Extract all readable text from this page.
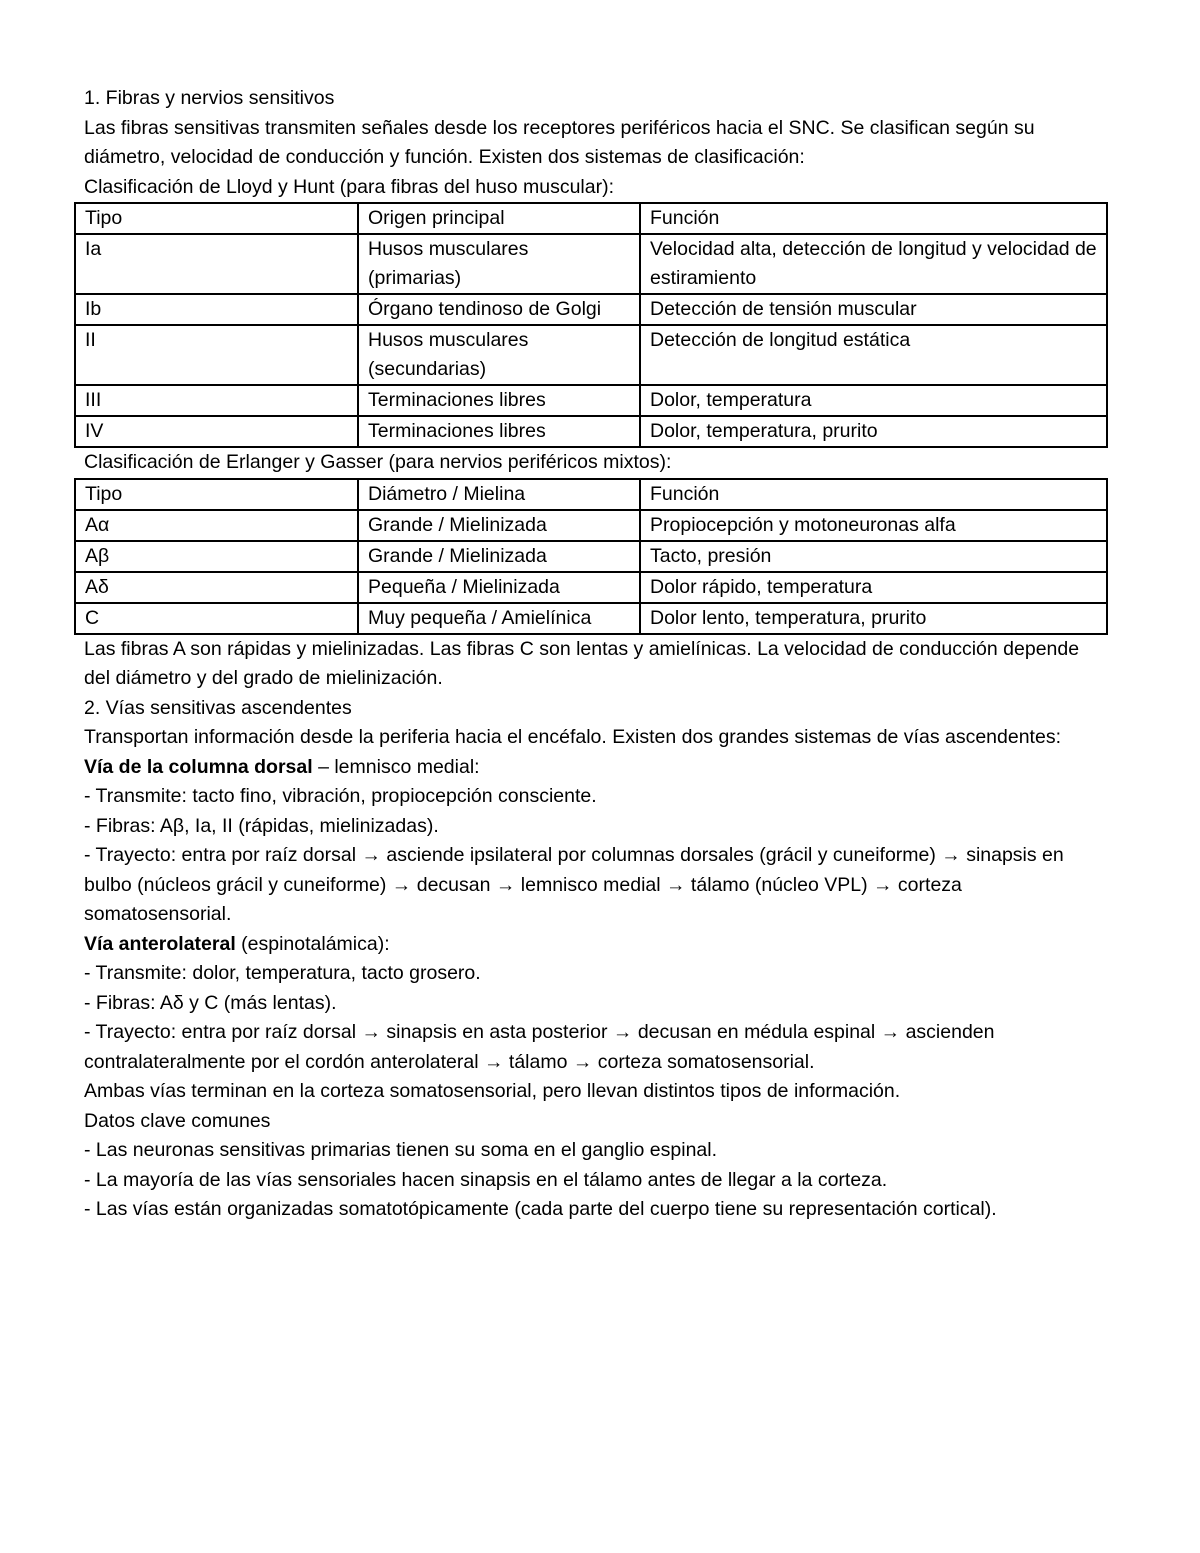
1. Fibras y nervios sensitivos

Las fibras sensitivas transmiten señales desde los receptores periféricos hacia el SNC. Se clasifican según su diámetro, velocidad de conducción y función. Existen dos sistemas de clasificación:

Clasificación de Lloyd y Hunt (para fibras del huso muscular):

Tipo	Origen principal	Función
Ia	Husos musculares (primarias)	Velocidad alta, detección de longitud y velocidad de estiramiento
Ib	Órgano tendinoso de Golgi	Detección de tensión muscular
II	Husos musculares (secundarias)	Detección de longitud estática
III	Terminaciones libres	Dolor, temperatura
IV	Terminaciones libres	Dolor, temperatura, prurito

Clasificación de Erlanger y Gasser (para nervios periféricos mixtos):

Tipo	Diámetro / Mielina	Función
Aα	Grande / Mielinizada	Propiocepción y motoneuronas alfa
Aβ	Grande / Mielinizada	Tacto, presión
Aδ	Pequeña / Mielinizada	Dolor rápido, temperatura
C	Muy pequeña / Amielínica	Dolor lento, temperatura, prurito

Las fibras A son rápidas y mielinizadas. Las fibras C son lentas y amielínicas. La velocidad de conducción depende del diámetro y del grado de mielinización.

2. Vías sensitivas ascendentes

Transportan información desde la periferia hacia el encéfalo. Existen dos grandes sistemas de vías ascendentes:

Vía de la columna dorsal – lemnisco medial:

- Transmite: tacto fino, vibración, propiocepción consciente.

- Fibras: Aβ, Ia, II (rápidas, mielinizadas).

- Trayecto: entra por raíz dorsal → asciende ipsilateral por columnas dorsales (grácil y cuneiforme) → sinapsis en bulbo (núcleos grácil y cuneiforme) → decusan → lemnisco medial → tálamo (núcleo VPL) → corteza somatosensorial.

Vía anterolateral (espinotalámica):

- Transmite: dolor, temperatura, tacto grosero.

- Fibras: Aδ y C (más lentas).

- Trayecto: entra por raíz dorsal → sinapsis en asta posterior → decusan en médula espinal → ascienden contralateralmente por el cordón anterolateral → tálamo → corteza somatosensorial.

Ambas vías terminan en la corteza somatosensorial, pero llevan distintos tipos de información.

Datos clave comunes

- Las neuronas sensitivas primarias tienen su soma en el ganglio espinal.

- La mayoría de las vías sensoriales hacen sinapsis en el tálamo antes de llegar a la corteza.

- Las vías están organizadas somatotópicamente (cada parte del cuerpo tiene su representación cortical).
